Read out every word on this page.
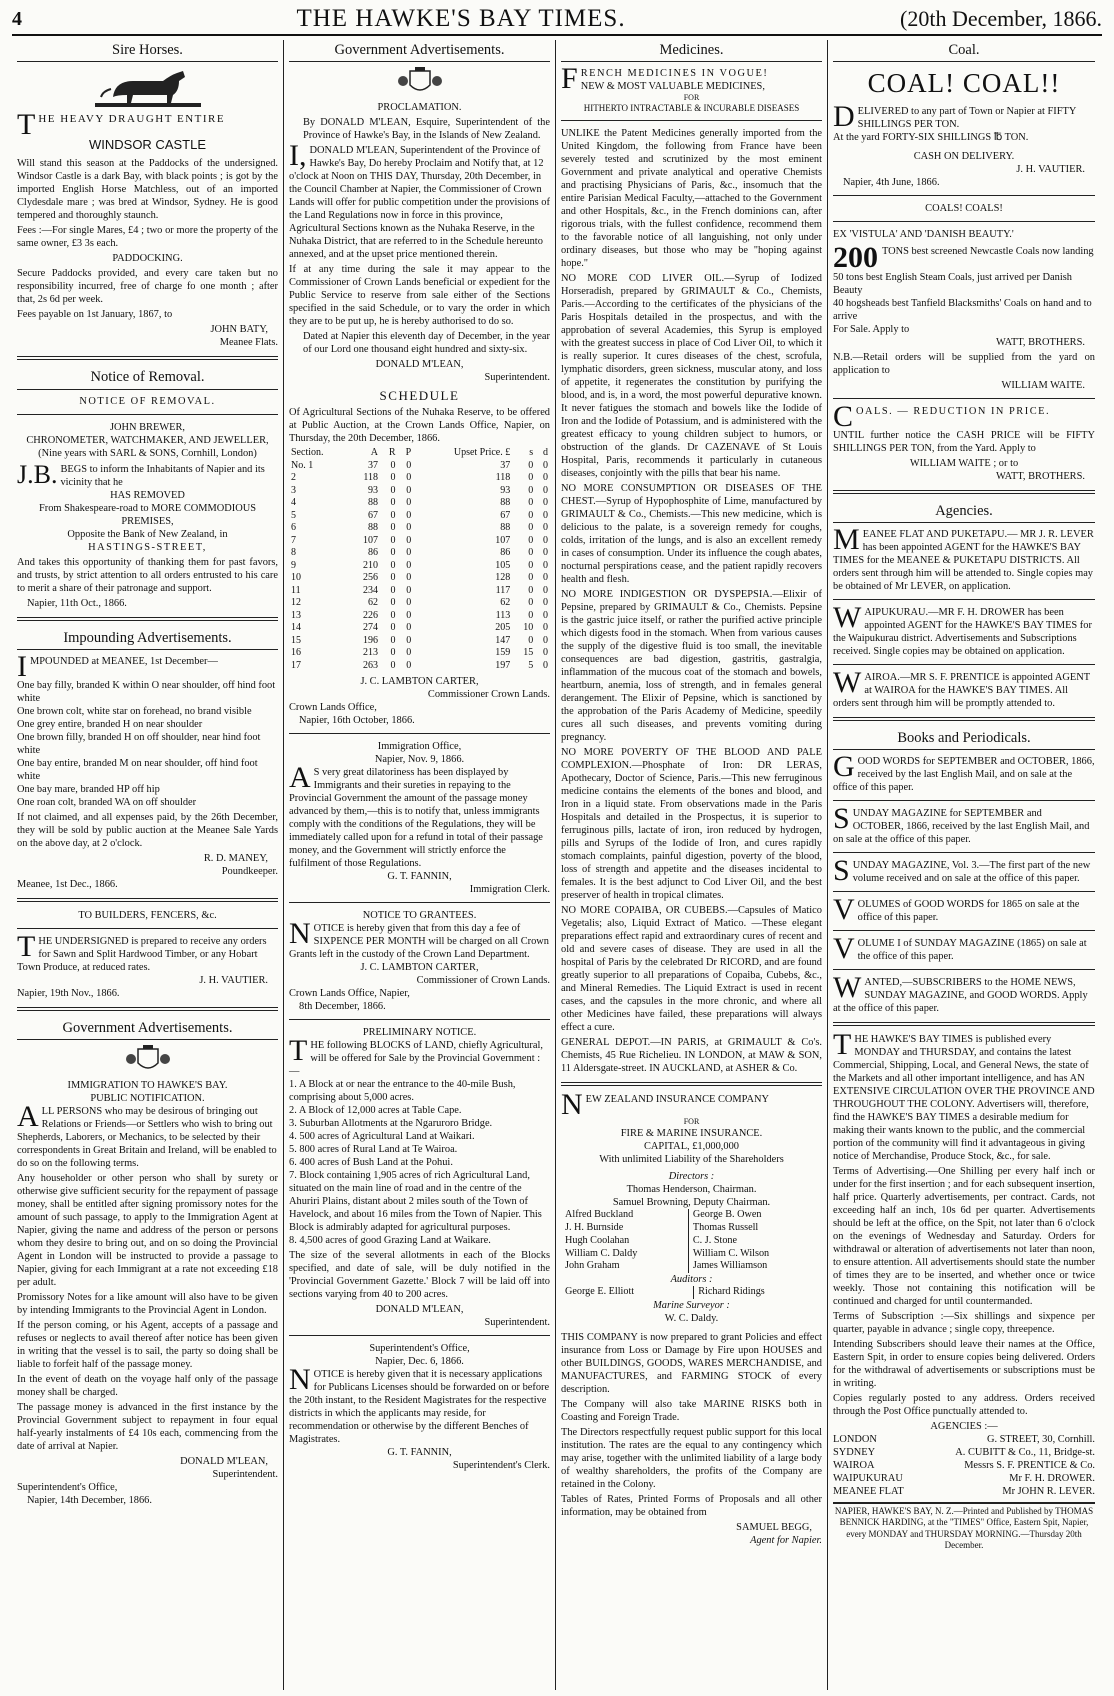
4	THE HAWKE'S BAY TIMES.	(20th December, 1866.
Sire Horses.
T HE HEAVY DRAUGHT ENTIRE
WINDSOR CASTLE

Will stand this season at the Paddocks of the undersigned. Windsor Castle is a dark Bay, with black points ; is got by the imported English Horse Matchless, out of an imported Clydesdale mare ; was bred at Windsor, Sydney. He is good tempered and thoroughly staunch.

Fees :—For single Mares, £4 ; two or more the property of the same owner, £3 3s each.

PADDOCKING.

Secure Paddocks provided, and every care taken but no responsibility incurred, free of charge fo one month ; after that, 2s 6d per week.

Fees payable on 1st January, 1867, to

JOHN BATY,
Meanee Flats.
Notice of Removal.
NOTICE OF REMOVAL.
JOHN BREWER,
CHRONOMETER, WATCHMAKER, AND JEWELLER,
(Nine years with SARL & SONS, Cornhill, London)
J.B. BEGS to inform the Inhabitants of Napier and its vicinity that he
HAS REMOVED
From Shakespeare-road to MORE COMMODIOUS PREMISES,
Opposite the Bank of New Zealand, in
HASTINGS-STREET,

And takes this opportunity of thanking them for past favors, and trusts, by strict attention to all orders entrusted to his care to merit a share of their patronage and support.

Napier, 11th Oct., 1866.
Impounding Advertisements.
I MPOUNDED at MEANEE, 1st December—
One bay filly, branded K within O near shoulder, off hind foot white
One brown colt, white star on forehead, no brand visible
One grey entire, branded H on near shoulder
One brown filly, branded H on off shoulder, near hind foot white
One bay entire, branded M on near shoulder, off hind foot white
One bay mare, branded HP off hip
One roan colt, branded WA on off shoulder

If not claimed, and all expenses paid, by the 26th December, they will be sold by public auction at the Meanee Sale Yards on the above day, at 2 o'clock.

R. D. MANEY,
Poundkeeper.
Meanee, 1st Dec., 1866.
TO BUILDERS, FENCERS, &c.
T HE UNDERSIGNED is prepared to receive any orders for Sawn and Split Hardwood Timber, or any Hobart Town Produce, at reduced rates.
J. H. VAUTIER.
Napier, 19th Nov., 1866.
Government Advertisements.
IMMIGRATION TO HAWKE'S BAY.
PUBLIC NOTIFICATION.
A LL PERSONS who may be desirous of bringing out Relations or Friends—or Settlers who wish to bring out Shepherds, Laborers, or Mechanics, to be selected by their correspondents in Great Britain and Ireland, will be enabled to do so on the following terms.

Any householder or other person who shall by surety or otherwise give sufficient security for the repayment of passage money, shall be entitled after signing promissory notes for the amount of such passage, to apply to the Immigration Agent at Napier, giving the name and address of the person or persons whom they desire to bring out, and on so doing the Provincial Agent in London will be instructed to provide a passage to Napier, giving for each Immigrant at a rate not exceeding £18 per adult.

Promissory Notes for a like amount will also have to be given by intending Immigrants to the Provincial Agent in London.

If the person coming, or his Agent, accepts of a passage and refuses or neglects to avail thereof after notice has been given in writing that the vessel is to sail, the party so doing shall be liable to forfeit half of the passage money.

In the event of death on the voyage half only of the passage money shall be charged.

The passage money is advanced in the first instance by the Provincial Government subject to repayment in four equal half-yearly instalments of £4 10s each, commencing from the date of arrival at Napier.

DONALD M'LEAN,
Superintendent.
Superintendent's Office,
Napier, 14th December, 1866.
Government Advertisements.
PROCLAMATION.

By DONALD M'LEAN, Esquire, Superintendent of the Province of Hawke's Bay, in the Islands of New Zealand.

I, DONALD M'LEAN, Superintendent of the Province of Hawke's Bay, Do hereby Proclaim and Notify that, at 12 o'clock at Noon on THIS DAY, Thursday, 20th December, in the Council Chamber at Napier, the Commissioner of Crown Lands will offer for public competition under the provisions of the Land Regulations now in force in this province, Agricultural Sections known as the Nuhaka Reserve, in the Nuhaka District, that are referred to in the Schedule hereunto annexed, and at the upset price mentioned therein.

If at any time during the sale it may appear to the Commissioner of Crown Lands beneficial or expedient for the Public Service to reserve from sale either of the Sections specified in the said Schedule, or to vary the order in which they are to be put up, he is hereby authorised to do so.

Dated at Napier this eleventh day of December, in the year of our Lord one thousand eight hundred and sixty-six.

DONALD M'LEAN,
Superintendent.
SCHEDULE

Of Agricultural Sections of the Nuhaka Reserve, to be offered at Public Auction, at the Crown Lands Office, Napier, on Thursday, the 20th December, 1866.

Section.	A	R	P	Upset Price. £	s	d
No. 1	37	0	0	37	0	0
2	118	0	0	118	0	0
3	93	0	0	93	0	0
4	88	0	0	88	0	0
5	67	0	0	67	0	0
6	88	0	0	88	0	0
7	107	0	0	107	0	0
8	86	0	0	86	0	0
9	210	0	0	105	0	0
10	256	0	0	128	0	0
11	234	0	0	117	0	0
12	62	0	0	62	0	0
13	226	0	0	113	0	0
14	274	0	0	205	10	0
15	196	0	0	147	0	0
16	213	0	0	159	15	0
17	263	0	0	197	5	0
J. C. LAMBTON CARTER,
Commissioner Crown Lands.
Crown Lands Office,
Napier, 16th October, 1866.
Immigration Office,
Napier, Nov. 9, 1866.
A S very great dilatoriness has been displayed by Immigrants and their sureties in repaying to the Provincial Government the amount of the passage money advanced by them,—this is to notify that, unless immigrants comply with the conditions of the Regulations, they will be immediately called upon for a refund in total of their passage money, and the Government will strictly enforce the fulfilment of those Regulations.
G. T. FANNIN,
Immigration Clerk.
NOTICE TO GRANTEES.
N OTICE is hereby given that from this day a fee of SIXPENCE PER MONTH will be charged on all Crown Grants left in the custody of the Crown Land Department.
J. C. LAMBTON CARTER,
Commissioner of Crown Lands.
Crown Lands Office, Napier,
8th December, 1866.
PRELIMINARY NOTICE.
T HE following BLOCKS of LAND, chiefly Agricultural, will be offered for Sale by the Provincial Government :—
1. A Block at or near the entrance to the 40-mile Bush, comprising about 5,000 acres.
2. A Block of 12,000 acres at Table Cape.
3. Suburban Allotments at the Ngaruroro Bridge.
4. 500 acres of Agricultural Land at Waikari.
5. 800 acres of Rural Land at Te Wairoa.
6. 400 acres of Bush Land at the Pohui.
7. Block containing 1,905 acres of rich Agricultural Land, situated on the main line of road and in the centre of the Ahuriri Plains, distant about 2 miles south of the Town of Havelock, and about 16 miles from the Town of Napier. This Block is admirably adapted for agricultural purposes.
8. 4,500 acres of good Grazing Land at Waikare.

The size of the several allotments in each of the Blocks specified, and date of sale, will be duly notified in the 'Provincial Government Gazette.' Block 7 will be laid off into sections varying from 40 to 200 acres.

DONALD M'LEAN,
Superintendent.
Superintendent's Office,
Napier, Dec. 6, 1866.
N OTICE is hereby given that it is necessary applications for Publicans Licenses should be forwarded on or before the 20th instant, to the Resident Magistrates for the respective districts in which the applicants may reside, for recommendation or otherwise by the different Benches of Magistrates.
G. T. FANNIN,
Superintendent's Clerk.
Medicines.
F RENCH MEDICINES IN VOGUE!
NEW & MOST VALUABLE MEDICINES,
FOR
HITHERTO INTRACTABLE & INCURABLE DISEASES

UNLIKE the Patent Medicines generally imported from the United Kingdom, the following from France have been severely tested and scrutinized by the most eminent Government and private analytical and operative Chemists and practising Physicians of Paris, &c., insomuch that the entire Parisian Medical Faculty,—attached to the Government and other Hospitals, &c., in the French dominions can, after rigorous trials, with the fullest confidence, recommend them to the favorable notice of all languishing, not only under ordinary diseases, but those who may be "hoping against hope."

NO MORE COD LIVER OIL.—Syrup of Iodized Horseradish, prepared by GRIMAULT & Co., Chemists, Paris.—According to the certificates of the physicians of the Paris Hospitals detailed in the prospectus, and with the approbation of several Academies, this Syrup is employed with the greatest success in place of Cod Liver Oil, to which it is really superior. It cures diseases of the chest, scrofula, lymphatic disorders, green sickness, muscular atony, and loss of appetite, it regenerates the constitution by purifying the blood, and is, in a word, the most powerful depurative known. It never fatigues the stomach and bowels like the Iodide of Iron and the Iodide of Potassium, and is administered with the greatest efficacy to young children subject to humors, or obstruction of the glands. Dr CAZENAVE of St Louis Hospital, Paris, recommends it particularly in cutaneous diseases, conjointly with the pills that bear his name.

NO MORE CONSUMPTION OR DISEASES OF THE CHEST.—Syrup of Hypophosphite of Lime, manufactured by GRIMAULT & Co., Chemists.—This new medicine, which is delicious to the palate, is a sovereign remedy for coughs, colds, irritation of the lungs, and is also an excellent remedy in cases of consumption. Under its influence the cough abates, nocturnal perspirations cease, and the patient rapidly recovers health and flesh.

NO MORE INDIGESTION OR DYSPEPSIA.—Elixir of Pepsine, prepared by GRIMAULT & Co., Chemists. Pepsine is the gastric juice itself, or rather the purified active principle which digests food in the stomach. When from various causes the supply of the digestive fluid is too small, the inevitable consequences are bad digestion, gastritis, gastralgia, inflammation of the mucous coat of the stomach and bowels, heartburn, anemia, loss of strength, and in females general derangement. The Elixir of Pepsine, which is sanctioned by the approbation of the Paris Academy of Medicine, speedily cures all such diseases, and prevents vomiting during pregnancy.

NO MORE POVERTY OF THE BLOOD AND PALE COMPLEXION.—Phosphate of Iron: DR LERAS, Apothecary, Doctor of Science, Paris.—This new ferruginous medicine contains the elements of the bones and blood, and Iron in a liquid state. From observations made in the Paris Hospitals and detailed in the Prospectus, it is superior to ferruginous pills, lactate of iron, iron reduced by hydrogen, pills and Syrups of the Iodide of Iron, and cures rapidly stomach complaints, painful digestion, poverty of the blood, loss of strength and appetite and the diseases incidental to females. It is the best adjunct to Cod Liver Oil, and the best preserver of health in tropical climates.

NO MORE COPAIBA, OR CUBEBS.—Capsules of Matico Vegetalis; also, Liquid Extract of Matico. —These elegant preparations effect rapid and extraordinary cures of recent and old and severe cases of disease. They are used in all the hospital of Paris by the celebrated Dr RICORD, and are found greatly superior to all preparations of Copaiba, Cubebs, &c., and Mineral Remedies. The Liquid Extract is used in recent cases, and the capsules in the more chronic, and where all other Medicines have failed, these preparations will always effect a cure.

GENERAL DEPOT.—IN PARIS, at GRIMAULT & Co's. Chemists, 45 Rue Richelieu. IN LONDON, at MAW & SON, 11 Aldersgate-street. IN AUCKLAND, at ASHER & Co.

N EW ZEALAND INSURANCE COMPANY
FOR
FIRE & MARINE INSURANCE.
CAPITAL, £1,000,000
With unlimited Liability of the Shareholders
Directors :
Thomas Henderson, Chairman.
Samuel Browning, Deputy Chairman.
Alfred Buckland	George B. Owen
J. H. Burnside	Thomas Russell
Hugh Coolahan	C. J. Stone
William C. Daldy	William C. Wilson
John Graham	James Williamson
Auditors :
George E. Elliott	Richard Ridings
Marine Surveyor :
W. C. Daldy.

THIS COMPANY is now prepared to grant Policies and effect insurance from Loss or Damage by Fire upon HOUSES and other BUILDINGS, GOODS, WARES MERCHANDISE, and MANUFACTURES, and FARMING STOCK of every description.

The Company will also take MARINE RISKS both in Coasting and Foreign Trade.

The Directors respectfully request public support for this local institution. The rates are the equal to any contingency which may arise, together with the unlimited liability of a large body of wealthy shareholders, the profits of the Company are retained in the Colony.

Tables of Rates, Printed Forms of Proposals and all other information, may be obtained from

SAMUEL BEGG,
Agent for Napier.
Coal.
COAL! COAL!!
D ELIVERED to any part of Town or Napier at FIFTY SHILLINGS PER TON.
At the yard FORTY-SIX SHILLINGS ℔ TON.
CASH ON DELIVERY.
J. H. VAUTIER.
Napier, 4th June, 1866.
COALS! COALS!
EX 'VISTULA' AND 'DANISH BEAUTY.'
200 TONS best screened Newcastle Coals now landing
50 tons best English Steam Coals, just arrived per Danish Beauty
40 hogsheads best Tanfield Blacksmiths' Coals on hand and to arrive
For Sale. Apply to
WATT, BROTHERS.

N.B.—Retail orders will be supplied from the yard on application to

WILLIAM WAITE.
C OALS. — REDUCTION IN PRICE.

UNTIL further notice the CASH PRICE will be FIFTY SHILLINGS PER TON, from the Yard. Apply to

WILLIAM WAITE ; or to
WATT, BROTHERS.
Agencies.
M EANEE FLAT AND PUKETAPU.— MR J. R. LEVER has been appointed AGENT for the HAWKE'S BAY TIMES for the MEANEE & PUKETAPU DISTRICTS. All orders sent through him will be attended to. Single copies may be obtained of Mr LEVER, on application.
W AIPUKURAU.—MR F. H. DROWER has been appointed AGENT for the HAWKE'S BAY TIMES for the Waipukurau district. Advertisements and Subscriptions received. Single copies may be obtained on application.
W AIROA.—MR S. F. PRENTICE is appointed AGENT at WAIROA for the HAWKE'S BAY TIMES. All orders sent through him will be promptly attended to.
Books and Periodicals.
GOOD WORDS for SEPTEMBER and OCTOBER, 1866, received by the last English Mail, and on sale at the office of this paper.
SUNDAY MAGAZINE for SEPTEMBER and OCTOBER, 1866, received by the last English Mail, and on sale at the office of this paper.
SUNDAY MAGAZINE, Vol. 3.—The first part of the new volume received and on sale at the office of this paper.
VOLUMES of GOOD WORDS for 1865 on sale at the office of this paper.
VOLUME I of SUNDAY MAGAZINE (1865) on sale at the office of this paper.
WANTED,—SUBSCRIBERS to the HOME NEWS, SUNDAY MAGAZINE, and GOOD WORDS. Apply at the office of this paper.
T HE HAWKE'S BAY TIMES is published every MONDAY and THURSDAY, and contains the latest Commercial, Shipping, Local, and General News, the state of the Markets and all other important intelligence, and has AN EXTENSIVE CIRCULATION OVER THE PROVINCE AND THROUGHOUT THE COLONY. Advertisers will, therefore, find the HAWKE'S BAY TIMES a desirable medium for making their wants known to the public, and the commercial portion of the community will find it advantageous in giving notice of Merchandise, Produce Stock, &c., for sale.

Terms of Advertising.—One Shilling per every half inch or under for the first insertion ; and for each subsequent insertion, half price. Quarterly advertisements, per contract. Cards, not exceeding half an inch, 10s 6d per quarter. Advertisements should be left at the office, on the Spit, not later than 6 o'clock on the evenings of Wednesday and Saturday. Orders for withdrawal or alteration of advertisements not later than noon, to ensure attention. All advertisements should state the number of times they are to be inserted, and whether once or twice weekly. Those not containing this notification will be continued and charged for until countermanded.

Terms of Subscription :—Six shillings and sixpence per quarter, payable in advance ; single copy, threepence.

Intending Subscribers should leave their names at the Office, Eastern Spit, in order to ensure copies being delivered. Orders for the withdrawal of advertisements or subscriptions must be in writing.

Copies regularly posted to any address. Orders received through the Post Office punctually attended to.

AGENCIES :—
LONDON	G. STREET, 30, Cornhill.
SYDNEY	A. CUBITT & Co., 11, Bridge-st.
WAIROA	Messrs S. F. PRENTICE & Co.
WAIPUKURAU	Mr F. H. DROWER.
MEANEE FLAT	Mr JOHN R. LEVER.
NAPIER, HAWKE'S BAY, N. Z.—Printed and Published by THOMAS BENNICK HARDING, at the "TIMES" Office, Eastern Spit, Napier, every MONDAY and THURSDAY MORNING.—Thursday 20th December.
